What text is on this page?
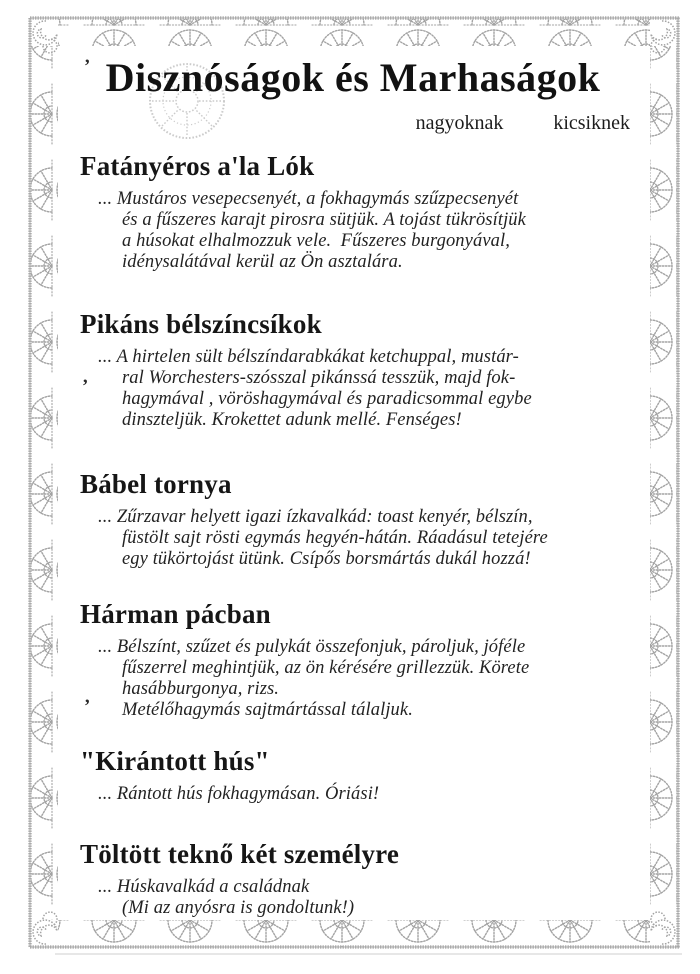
Disznóságok és Marhaságok
nagyoknak	kicsiknek
Fatányéros a'la Lók
... Mustáros vesepecsenyét, a fokhagymás szűzpecsenyét
és a fűszeres karajt pirosra sütjük. A tojást tükrösítjük
a húsokat elhalmozzuk vele.  Fűszeres burgonyával,
idénysalátával kerül az Ön asztalára.
Pikáns bélszíncsíkok
... A hirtelen sült bélszíndarabkákat ketchuppal, mustár-
ral Worchesters-szósszal pikánssá tesszük, majd fok-
hagymával , vöröshagymával és paradicsommal egybe
dinszteljük. Krokettet adunk mellé. Fenséges!
Bábel tornya
... Zűrzavar helyett igazi ízkavalkád: toast kenyér, bélszín,
füstölt sajt rösti egymás hegyén-hátán. Ráadásul tetejére
egy tükörtojást ütünk. Csípős borsmártás dukál hozzá!
Hárman pácban
... Bélszínt, szűzet és pulykát összefonjuk, pároljuk, jóféle
fűszerrel meghintjük, az ön kérésére grillezzük. Körete
hasábburgonya, rizs.
Metélőhagymás sajtmártással tálaljuk.
"Kirántott hús"
... Rántott hús fokhagymásan. Óriási!
Töltött teknő két személyre
... Húskavalkád a családnak
(Mi az anyósra is gondoltunk!)
’
’
’
